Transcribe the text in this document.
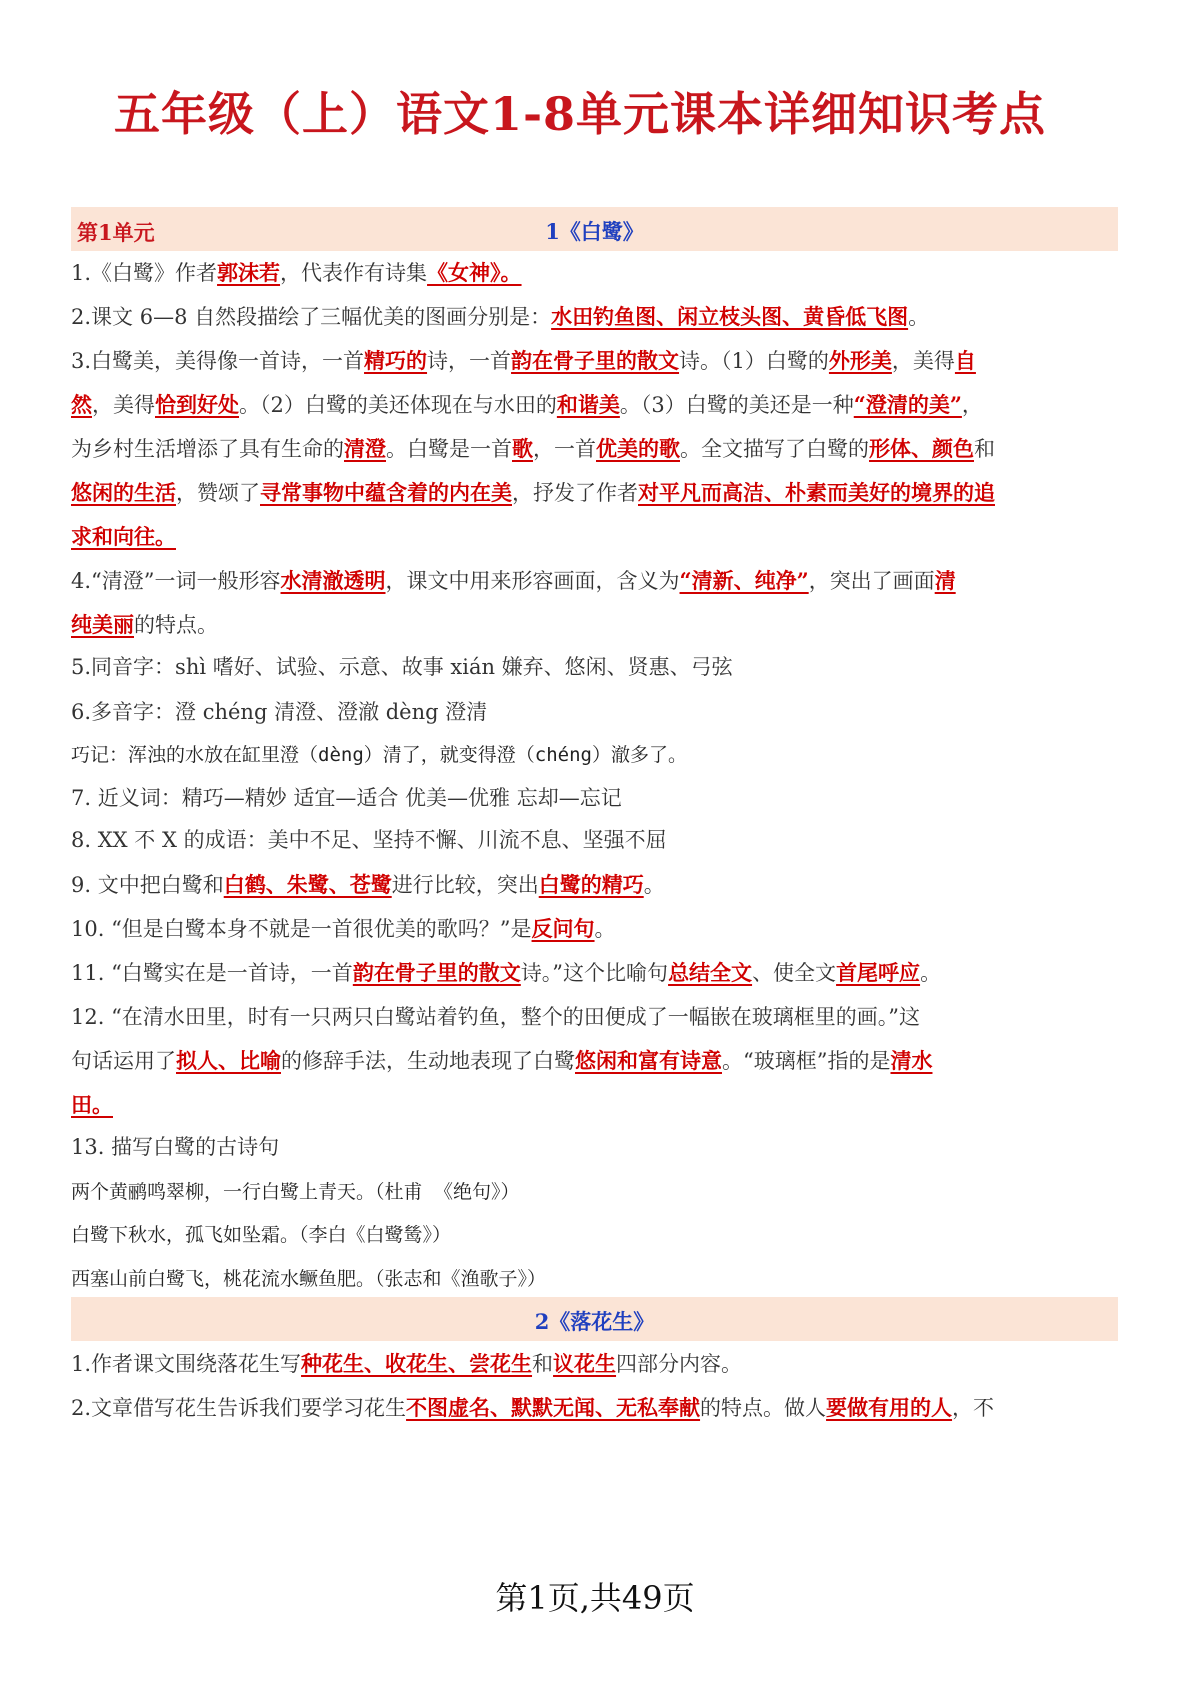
五年级（上）语文1-8单元课本详细知识考点
第1单元	1《白鹭》
1.《白鹭》作者郭沫若，代表作有诗集《女神》。
2.课文 6—8 自然段描绘了三幅优美的图画分别是：水田钓鱼图、闲立枝头图、黄昏低飞图。
3.白鹭美，美得像一首诗，一首精巧的诗，一首韵在骨子里的散文诗。（1）白鹭的外形美，美得自
然，美得恰到好处。（2）白鹭的美还体现在与水田的和谐美。（3）白鹭的美还是一种“澄清的美”，
为乡村生活增添了具有生命的清澄。白鹭是一首歌，一首优美的歌。全文描写了白鹭的形体、颜色和
悠闲的生活，赞颂了寻常事物中蕴含着的内在美，抒发了作者对平凡而高洁、朴素而美好的境界的追
求和向往。
4.“清澄”一词一般形容水清澈透明，课文中用来形容画面，含义为“清新、纯净”，突出了画面清
纯美丽的特点。
5.同音字：shì 嗜好、试验、示意、故事 xián 嫌弃、悠闲、贤惠、弓弦
6.多音字：澄 chéng 清澄、澄澈 dèng 澄清
巧记：浑浊的水放在缸里澄（dèng）清了，就变得澄（chéng）澈多了。
7. 近义词：精巧—精妙 适宜—适合 优美—优雅 忘却—忘记
8. XX 不 X 的成语：美中不足、坚持不懈、川流不息、坚强不屈
9. 文中把白鹭和白鹤、朱鹭、苍鹭进行比较，突出白鹭的精巧。
10. “但是白鹭本身不就是一首很优美的歌吗？”是反问句。
11. “白鹭实在是一首诗，一首韵在骨子里的散文诗。”这个比喻句总结全文、使全文首尾呼应。
12. “在清水田里，时有一只两只白鹭站着钓鱼，整个的田便成了一幅嵌在玻璃框里的画。”这
句话运用了拟人、比喻的修辞手法，生动地表现了白鹭悠闲和富有诗意。“玻璃框”指的是清水
田。
13. 描写白鹭的古诗句
两个黄鹂鸣翠柳，一行白鹭上青天。（杜甫 《绝句》）
白鹭下秋水，孤飞如坠霜。（李白《白鹭鸶》）
西塞山前白鹭飞，桃花流水鳜鱼肥。（张志和《渔歌子》）
2《落花生》
1.作者课文围绕落花生写种花生、收花生、尝花生和议花生四部分内容。
2.文章借写花生告诉我们要学习花生不图虚名、默默无闻、无私奉献的特点。做人要做有用的人，不
第1页,共49页
